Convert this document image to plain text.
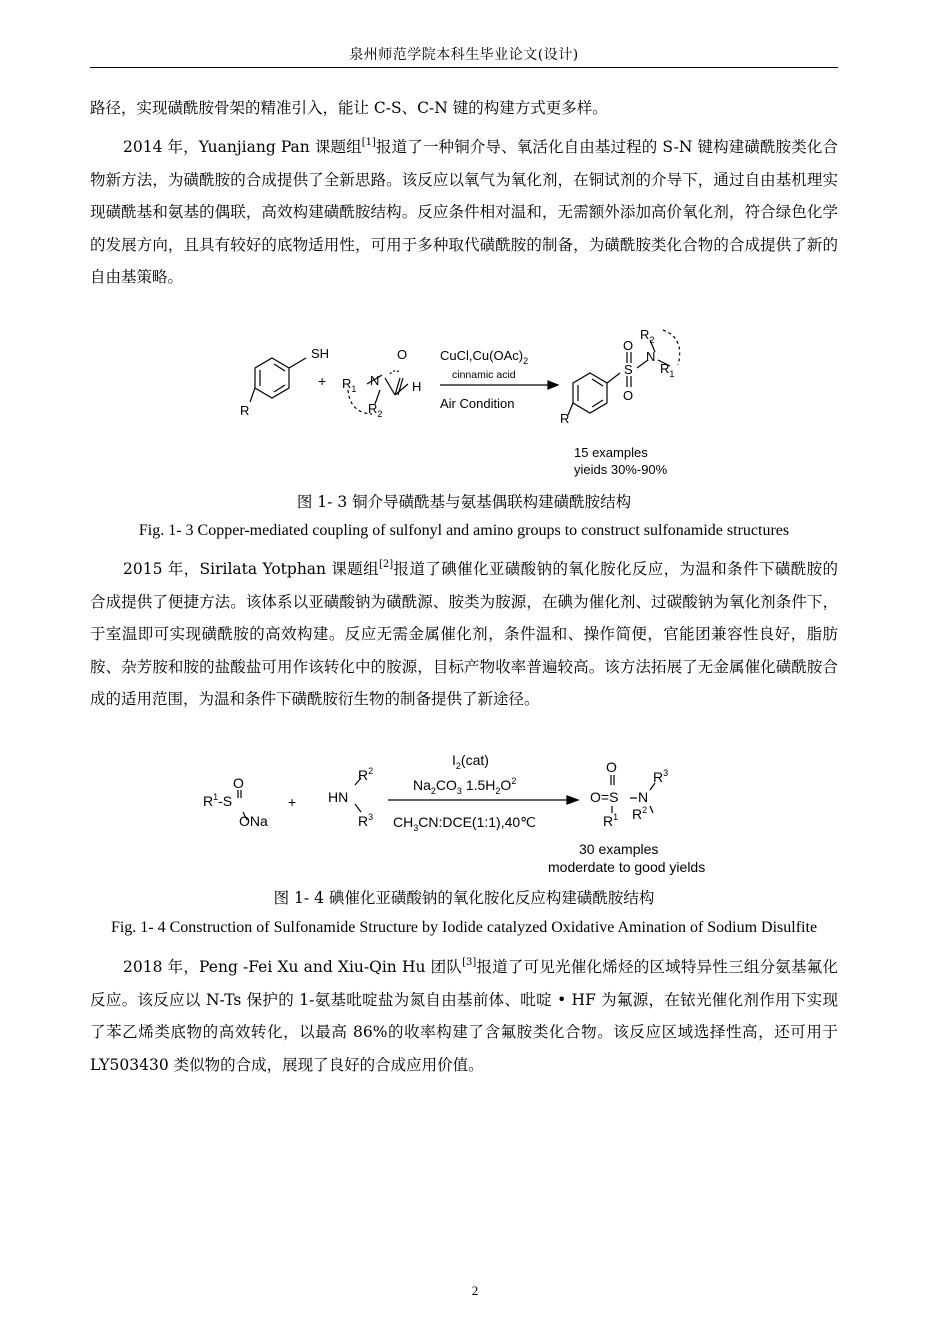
泉州师范学院本科生毕业论文(设计)

路径，实现磺酰胺骨架的精准引入，能让 C-S、C-N 键的构建方式更多样。

2014 年，Yuanjiang Pan 课题组[1]报道了一种铜介导、氧活化自由基过程的 S-N 键构建磺酰胺类化合物新方法，为磺酰胺的合成提供了全新思路。该反应以氧气为氧化剂，在铜试剂的介导下，通过自由基机理实现磺酰基和氨基的偶联，高效构建磺酰胺结构。反应条件相对温和，无需额外添加高价氧化剂，符合绿色化学的发展方向，且具有较好的底物适用性，可用于多种取代磺酰胺的制备，为磺酰胺类化合物的合成提供了新的自由基策略。

SH
R
+
O
H
$R_1$
N
$R_2$
$CuCl,Cu(OAc)_2$
cinnamic acid
Air Condition
$R_2$
O
N
S
O
$R_1$
R
15 examples
yieids 30%-90%

图 1- 3 铜介导磺酰基与氨基偶联构建磺酰胺结构

Fig. 1- 3 Copper-mediated coupling of sulfonyl and amino groups to construct sulfonamide structures

2015 年，Sirilata Yotphan 课题组[2]报道了碘催化亚磺酸钠的氧化胺化反应，为温和条件下磺酰胺的合成提供了便捷方法。该体系以亚磺酸钠为磺酰源、胺类为胺源，在碘为催化剂、过碳酸钠为氧化剂条件下，于室温即可实现磺酰胺的高效构建。反应无需金属催化剂，条件温和、操作简便，官能团兼容性良好，脂肪胺、杂芳胺和胺的盐酸盐可用作该转化中的胺源，目标产物收率普遍较高。该方法拓展了无金属催化磺酰胺合成的适用范围，为温和条件下磺酰胺衍生物的制备提供了新途径。

$R^1-S$
O
ONa
+ HN
$R^2$
$R^3$
$I_2(cat)$
$Na_2CO_3$ $1.5H_2O^2$
$CH_3CN:DCE(1:1),40℃$
O
O=S N
$R^3$
$R^1$ $R^2$
30 examples
moderdate to good yields

图 1- 4 碘催化亚磺酸钠的氧化胺化反应构建磺酰胺结构

Fig. 1- 4 Construction of Sulfonamide Structure by Iodide catalyzed Oxidative Amination of Sodium Disulfite

2018 年，Peng -Fei Xu and Xiu-Qin Hu 团队[3]报道了可见光催化烯烃的区域特异性三组分氨基氟化反应。该反应以 N-Ts 保护的 1-氨基吡啶盐为氮自由基前体、吡啶 • HF 为氟源，在铱光催化剂作用下实现了苯乙烯类底物的高效转化，以最高 86%的收率构建了含氟胺类化合物。该反应区域选择性高，还可用于 LY503430 类似物的合成，展现了良好的合成应用价值。

2
